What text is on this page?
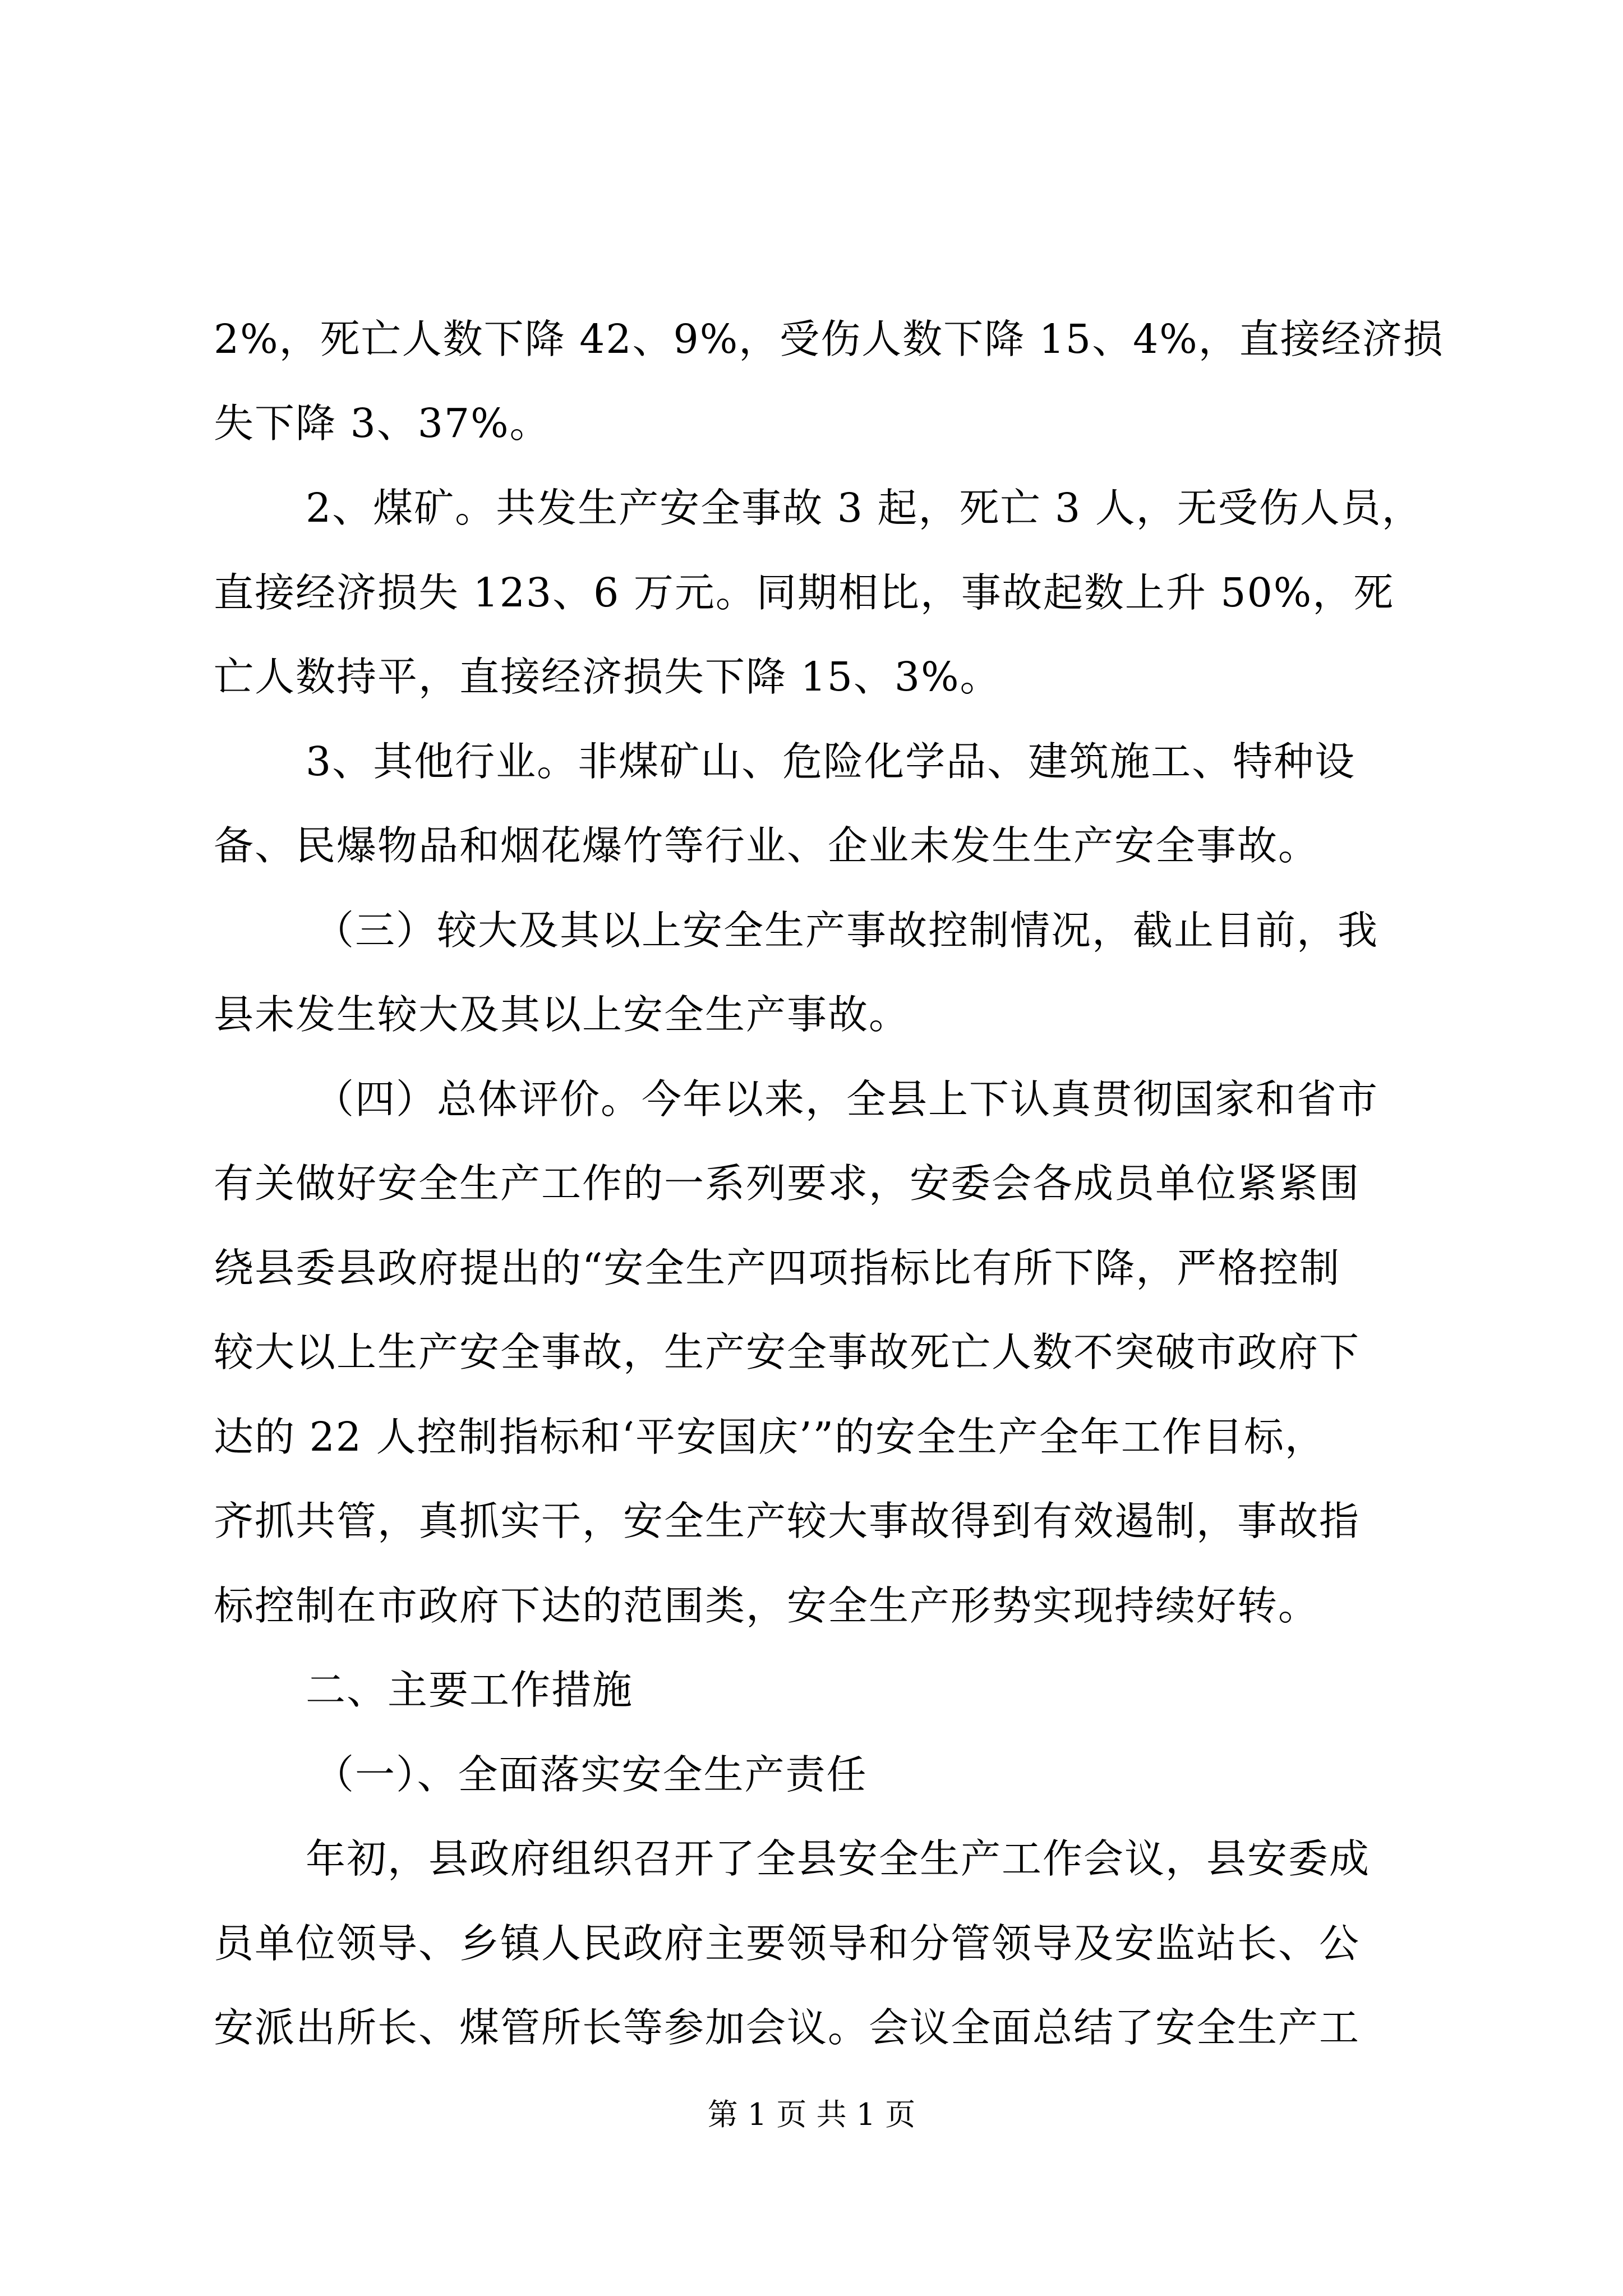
2%，死亡人数下降 42、9%，受伤人数下降 15、4%，直接经济损
失下降 3、37%。
2、煤矿。共发生产安全事故 3 起，死亡 3 人，无受伤人员，
直接经济损失 123、6 万元。同期相比，事故起数上升 50%，死
亡人数持平，直接经济损失下降 15、3%。
3、其他行业。非煤矿山、危险化学品、建筑施工、特种设
备、民爆物品和烟花爆竹等行业、企业未发生生产安全事故。
（三）较大及其以上安全生产事故控制情况，截止目前，我
县未发生较大及其以上安全生产事故。
（四）总体评价。今年以来，全县上下认真贯彻国家和省市
有关做好安全生产工作的一系列要求，安委会各成员单位紧紧围
绕县委县政府提出的“安全生产四项指标比有所下降，严格控制
较大以上生产安全事故，生产安全事故死亡人数不突破市政府下
达的 22 人控制指标和‘平安国庆’”的安全生产全年工作目标，
齐抓共管，真抓实干，安全生产较大事故得到有效遏制，事故指
标控制在市政府下达的范围类，安全生产形势实现持续好转。
二、主要工作措施
（一）、全面落实安全生产责任
年初，县政府组织召开了全县安全生产工作会议，县安委成
员单位领导、乡镇人民政府主要领导和分管领导及安监站长、公
安派出所长、煤管所长等参加会议。会议全面总结了安全生产工
第 1 页 共 1 页
